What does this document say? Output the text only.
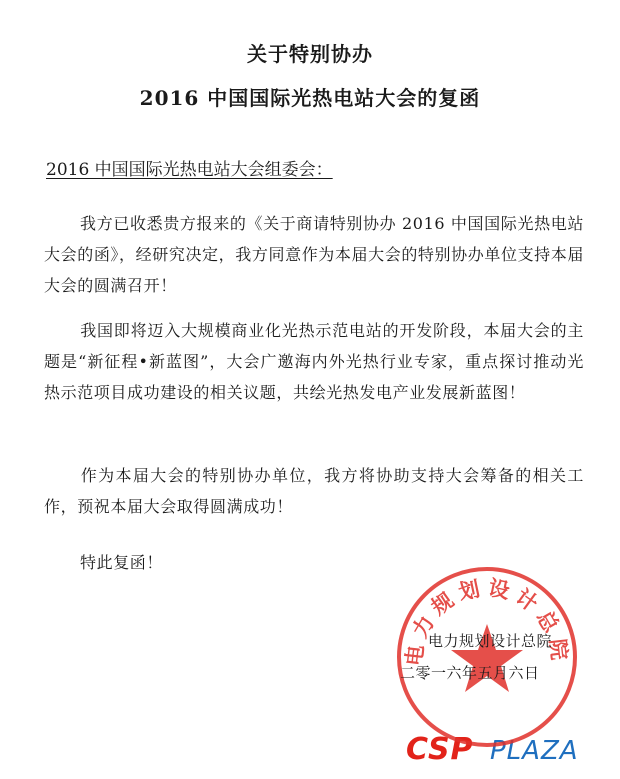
关于特别协办
2016 中国国际光热电站大会的复函
2016 中国国际光热电站大会组委会：

我方已收悉贵方报来的《关于商请特别协办 2016 中国国际光热电站大会的函》，经研究决定，我方同意作为本届大会的特别协办单位支持本届大会的圆满召开！

我国即将迈入大规模商业化光热示范电站的开发阶段，本届大会的主题是“新征程•新蓝图”，大会广邀海内外光热行业专家，重点探讨推动光热示范项目成功建设的相关议题，共绘光热发电产业发展新蓝图！

作为本届大会的特别协办单位，我方将协助支持大会筹备的相关工作，预祝本届大会取得圆满成功！

特此复函！

电力规划设计总院
电力规划设计总院
二零一六年五月六日
CSP PLAZA
